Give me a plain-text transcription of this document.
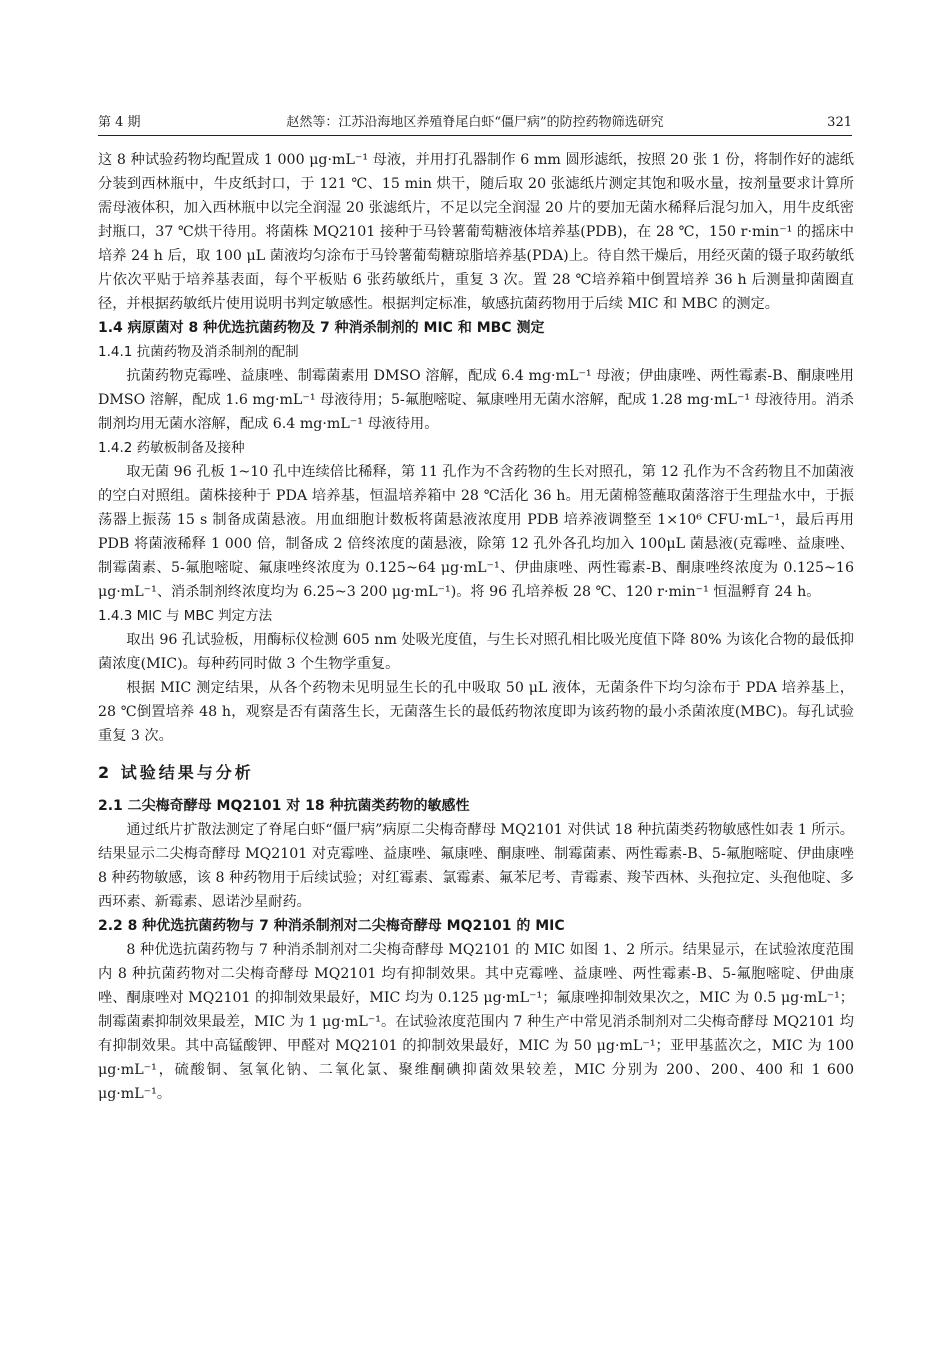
第 4 期	赵然等：江苏沿海地区养殖脊尾白虾“僵尸病”的防控药物筛选研究	321

这 8 种试验药物均配置成 1 000 μg·mL⁻¹ 母液，并用打孔器制作 6 mm 圆形滤纸，按照 20 张 1 份，将制作好的滤纸分装到西林瓶中，牛皮纸封口，于 121 ℃、15 min 烘干，随后取 20 张滤纸片测定其饱和吸水量，按剂量要求计算所需母液体积，加入西林瓶中以完全润湿 20 张滤纸片，不足以完全润湿 20 片的要加无菌水稀释后混匀加入，用牛皮纸密封瓶口，37 ℃烘干待用。将菌株 MQ2101 接种于马铃薯葡萄糖液体培养基(PDB)，在 28 ℃，150 r·min⁻¹ 的摇床中培养 24 h 后，取 100 μL 菌液均匀涂布于马铃薯葡萄糖琼脂培养基(PDA)上。待自然干燥后，用经灭菌的镊子取药敏纸片依次平贴于培养基表面，每个平板贴 6 张药敏纸片，重复 3 次。置 28 ℃培养箱中倒置培养 36 h 后测量抑菌圈直径，并根据药敏纸片使用说明书判定敏感性。根据判定标准，敏感抗菌药物用于后续 MIC 和 MBC 的测定。

1.4 病原菌对 8 种优选抗菌药物及 7 种消杀制剂的 MIC 和 MBC 测定
1.4.1 抗菌药物及消杀制剂的配制

抗菌药物克霉唑、益康唑、制霉菌素用 DMSO 溶解，配成 6.4 mg·mL⁻¹ 母液；伊曲康唑、两性霉素-B、酮康唑用 DMSO 溶解，配成 1.6 mg·mL⁻¹ 母液待用；5-氟胞嘧啶、氟康唑用无菌水溶解，配成 1.28 mg·mL⁻¹ 母液待用。消杀制剂均用无菌水溶解，配成 6.4 mg·mL⁻¹ 母液待用。

1.4.2 药敏板制备及接种

取无菌 96 孔板 1~10 孔中连续倍比稀释，第 11 孔作为不含药物的生长对照孔，第 12 孔作为不含药物且不加菌液的空白对照组。菌株接种于 PDA 培养基，恒温培养箱中 28 ℃活化 36 h。用无菌棉签蘸取菌落溶于生理盐水中，于振荡器上振荡 15 s 制备成菌悬液。用血细胞计数板将菌悬液浓度用 PDB 培养液调整至 1×10⁶ CFU·mL⁻¹，最后再用 PDB 将菌液稀释 1 000 倍，制备成 2 倍终浓度的菌悬液，除第 12 孔外各孔均加入 100μL 菌悬液(克霉唑、益康唑、制霉菌素、5-氟胞嘧啶、氟康唑终浓度为 0.125~64 μg·mL⁻¹、伊曲康唑、两性霉素-B、酮康唑终浓度为 0.125~16 μg·mL⁻¹、消杀制剂终浓度均为 6.25~3 200 μg·mL⁻¹)。将 96 孔培养板 28 ℃、120 r·min⁻¹ 恒温孵育 24 h。

1.4.3 MIC 与 MBC 判定方法

取出 96 孔试验板，用酶标仪检测 605 nm 处吸光度值，与生长对照孔相比吸光度值下降 80% 为该化合物的最低抑菌浓度(MIC)。每种药同时做 3 个生物学重复。

根据 MIC 测定结果，从各个药物未见明显生长的孔中吸取 50 μL 液体，无菌条件下均匀涂布于 PDA 培养基上，28 ℃倒置培养 48 h，观察是否有菌落生长，无菌落生长的最低药物浓度即为该药物的最小杀菌浓度(MBC)。每孔试验重复 3 次。

2 试验结果与分析
2.1 二尖梅奇酵母 MQ2101 对 18 种抗菌类药物的敏感性

通过纸片扩散法测定了脊尾白虾“僵尸病”病原二尖梅奇酵母 MQ2101 对供试 18 种抗菌类药物敏感性如表 1 所示。结果显示二尖梅奇酵母 MQ2101 对克霉唑、益康唑、氟康唑、酮康唑、制霉菌素、两性霉素-B、5-氟胞嘧啶、伊曲康唑 8 种药物敏感，该 8 种药物用于后续试验；对红霉素、氯霉素、氟苯尼考、青霉素、羧苄西林、头孢拉定、头孢他啶、多西环素、新霉素、恩诺沙星耐药。

2.2 8 种优选抗菌药物与 7 种消杀制剂对二尖梅奇酵母 MQ2101 的 MIC

8 种优选抗菌药物与 7 种消杀制剂对二尖梅奇酵母 MQ2101 的 MIC 如图 1、2 所示。结果显示，在试验浓度范围内 8 种抗菌药物对二尖梅奇酵母 MQ2101 均有抑制效果。其中克霉唑、益康唑、两性霉素-B、5-氟胞嘧啶、伊曲康唑、酮康唑对 MQ2101 的抑制效果最好，MIC 均为 0.125 μg·mL⁻¹；氟康唑抑制效果次之，MIC 为 0.5 μg·mL⁻¹；制霉菌素抑制效果最差，MIC 为 1 μg·mL⁻¹。在试验浓度范围内 7 种生产中常见消杀制剂对二尖梅奇酵母 MQ2101 均有抑制效果。其中高锰酸钾、甲醛对 MQ2101 的抑制效果最好，MIC 为 50 μg·mL⁻¹；亚甲基蓝次之，MIC 为 100 μg·mL⁻¹，硫酸铜、氢氧化钠、二氧化氯、聚维酮碘抑菌效果较差，MIC 分别为 200、200、400 和 1 600 μg·mL⁻¹。
